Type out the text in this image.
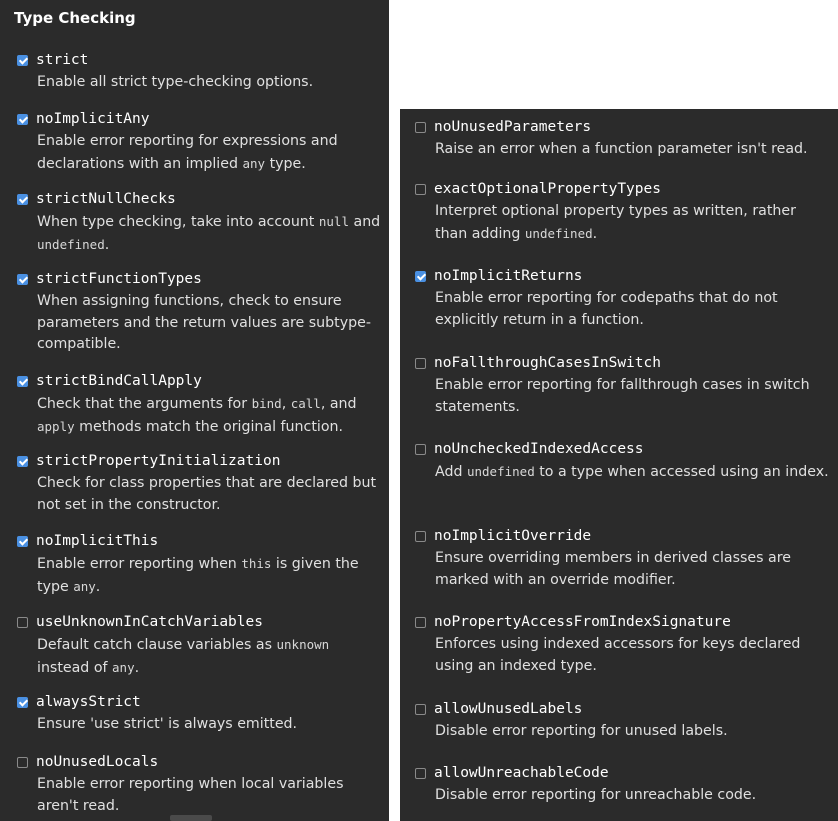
Type Checking
strict
Enable all strict type-checking options.
noImplicitAny
Enable error reporting for expressions and declarations with an implied any type.
strictNullChecks
When type checking, take into account null and undefined.
strictFunctionTypes
When assigning functions, check to ensure parameters and the return values are subtype-compatible.
strictBindCallApply
Check that the arguments for bind, call, and apply methods match the original function.
strictPropertyInitialization
Check for class properties that are declared but not set in the constructor.
noImplicitThis
Enable error reporting when this is given the type any.
useUnknownInCatchVariables
Default catch clause variables as unknown instead of any.
alwaysStrict
Ensure 'use strict' is always emitted.
noUnusedLocals
Enable error reporting when local variables aren't read.
noUnusedParameters
Raise an error when a function parameter isn't read.
exactOptionalPropertyTypes
Interpret optional property types as written, rather than adding undefined.
noImplicitReturns
Enable error reporting for codepaths that do not explicitly return in a function.
noFallthroughCasesInSwitch
Enable error reporting for fallthrough cases in switch statements.
noUncheckedIndexedAccess
Add undefined to a type when accessed using an index.
noImplicitOverride
Ensure overriding members in derived classes are marked with an override modifier.
noPropertyAccessFromIndexSignature
Enforces using indexed accessors for keys declared using an indexed type.
allowUnusedLabels
Disable error reporting for unused labels.
allowUnreachableCode
Disable error reporting for unreachable code.
